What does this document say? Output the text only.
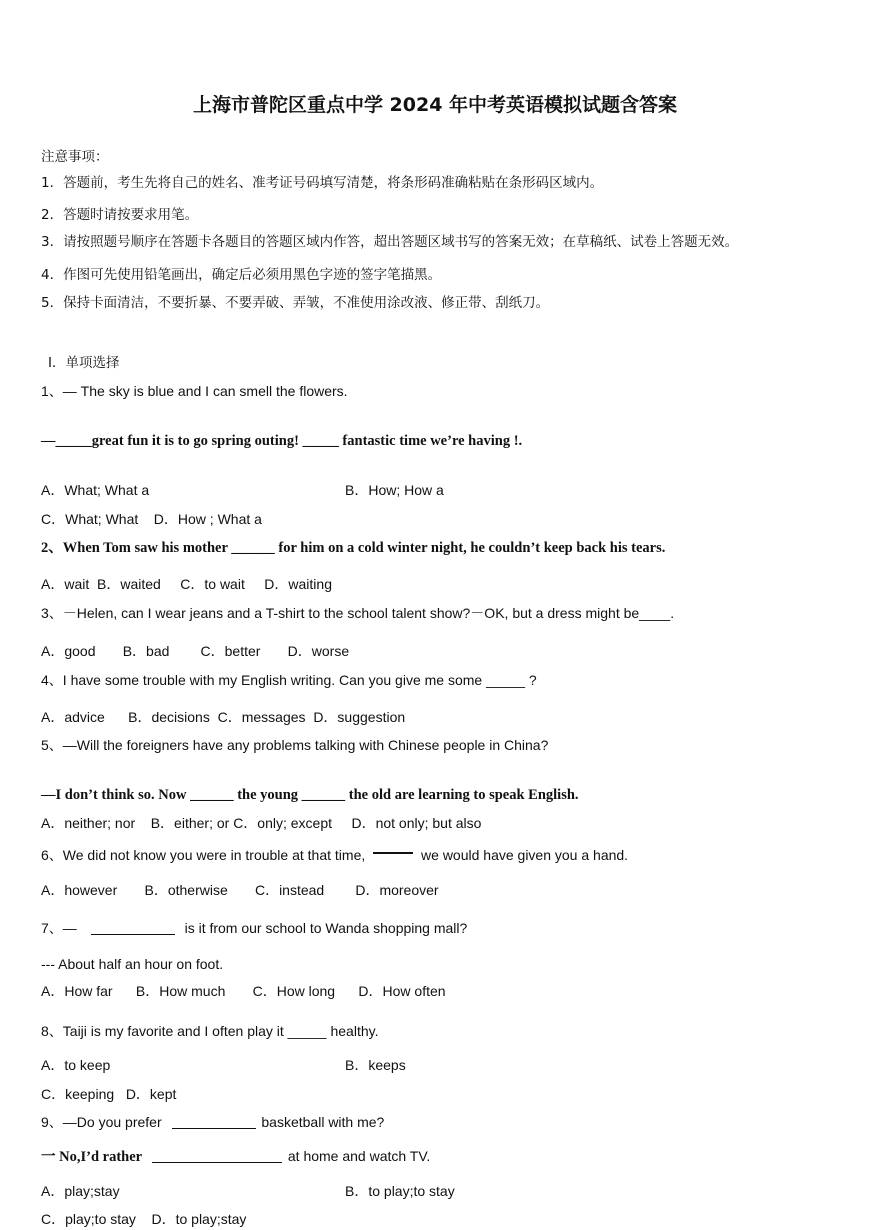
上海市普陀区重点中学 2024 年中考英语模拟试题含答案
注意事项：
1．答题前，考生先将自己的姓名、准考证号码填写清楚，将条形码准确粘贴在条形码区域内。
2．答题时请按要求用笔。
3．请按照题号顺序在答题卡各题目的答题区域内作答，超出答题区域书写的答案无效；在草稿纸、试卷上答题无效。
4．作图可先使用铅笔画出，确定后必须用黑色字迹的签字笔描黑。
5．保持卡面清洁，不要折暴、不要弄破、弄皱，不准使用涂改液、修正带、刮纸刀。
Ⅰ．单项选择
1、— The sky is blue and I can smell the flowers.
—_____great fun it is to go spring outing! _____ fantastic time we’re having !.
A．What; What a	B．How; How a
C．What; What    D．How ; What a
2、When Tom saw his mother ______ for him on a cold winter night, he couldn’t keep back his tears.
A．wait  B．waited     C．to wait     D．waiting
3、－Helen, can I wear jeans and a T-shirt to the school talent show?－OK, but a dress might be____.
A．good       B．bad        C．better       D．worse
4、I have some trouble with my English writing. Can you give me some _____ ?
A．advice      B．decisions  C．messages  D．suggestion
5、—Will the foreigners have any problems talking with Chinese people in China?
—I don’t think so. Now ______ the young ______ the old are learning to speak English.
A．neither; nor    B．either; or C．only; except     D．not only; but also
6、We did not know you were in trouble at that time,	we would have given you a hand.
A．however       B．otherwise       C．instead        D．moreover
7、—	is it from our school to Wanda shopping mall?
--- About half an hour on foot.
A．How far      B．How much       C．How long      D．How often
8、Taiji is my favorite and I often play it _____ healthy.
A．to keep	B．keeps
C．keeping   D．kept
9、—Do you prefer	basketball with me?
一 No,I’d rather	at home and watch TV.
A．play;stay	B．to play;to stay
C．play;to stay    D．to play;stay
